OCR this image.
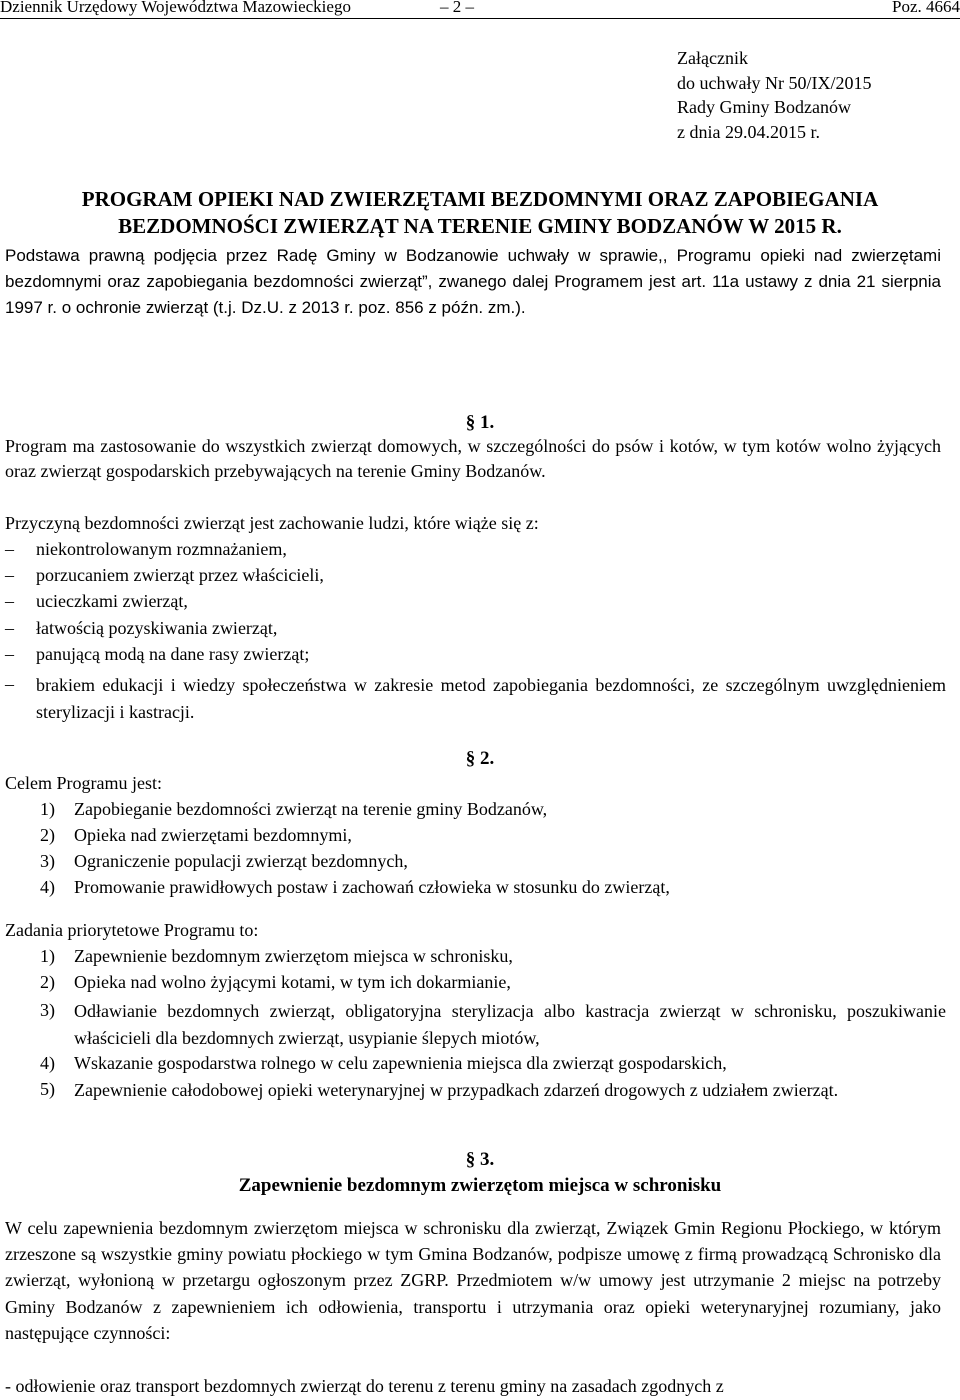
Dziennik Urzędowy Województwa Mazowieckiego	– 2 –	Poz. 4664
Załącznik
do uchwały Nr 50/IX/2015
Rady Gminy Bodzanów
z dnia 29.04.2015 r.
PROGRAM OPIEKI NAD ZWIERZĘTAMI BEZDOMNYMI ORAZ ZAPOBIEGANIA BEZDOMNOŚCI ZWIERZĄT NA TERENIE GMINY BODZANÓW W 2015 R.
Podstawa prawną podjęcia przez Radę Gminy w Bodzanowie uchwały w sprawie,, Programu opieki nad zwierzętami bezdomnymi oraz zapobiegania bezdomności zwierząt”, zwanego dalej Programem jest art. 11a ustawy z dnia 21 sierpnia 1997 r. o ochronie zwierząt (t.j. Dz.U. z 2013 r. poz. 856 z późn. zm.).
§ 1.
Program ma zastosowanie do wszystkich zwierząt domowych, w szczególności do psów i kotów, w tym kotów wolno żyjących oraz zwierząt gospodarskich przebywających na terenie Gminy Bodzanów.
Przyczyną bezdomności zwierząt jest zachowanie ludzi, które wiąże się z:
– niekontrolowanym rozmnażaniem,
– porzucaniem zwierząt przez właścicieli,
– ucieczkami zwierząt,
– łatwością pozyskiwania zwierząt,
– panującą modą na dane rasy zwierząt;
– brakiem edukacji i wiedzy społeczeństwa w zakresie metod zapobiegania bezdomności, ze szczególnym uwzględnieniem sterylizacji i kastracji.
§ 2.
Celem Programu jest:
1) Zapobieganie bezdomności zwierząt na terenie gminy Bodzanów,
2) Opieka nad zwierzętami bezdomnymi,
3) Ograniczenie populacji zwierząt bezdomnych,
4) Promowanie prawidłowych postaw i zachowań człowieka w stosunku do zwierząt,
Zadania priorytetowe Programu to:
1) Zapewnienie bezdomnym zwierzętom miejsca w schronisku,
2) Opieka nad wolno żyjącymi kotami, w tym ich dokarmianie,
3) Odławianie bezdomnych zwierząt, obligatoryjna sterylizacja albo kastracja zwierząt w schronisku, poszukiwanie właścicieli dla bezdomnych zwierząt, usypianie ślepych miotów,
4) Wskazanie gospodarstwa rolnego w celu zapewnienia miejsca dla zwierząt gospodarskich,
5) Zapewnienie całodobowej opieki weterynaryjnej w przypadkach zdarzeń drogowych z udziałem zwierząt.
§ 3.
Zapewnienie bezdomnym zwierzętom miejsca w schronisku
W celu zapewnienia bezdomnym zwierzętom miejsca w schronisku dla zwierząt, Związek Gmin Regionu Płockiego, w którym zrzeszone są wszystkie gminy powiatu płockiego w tym Gmina Bodzanów, podpisze umowę z firmą prowadzącą Schronisko dla zwierząt, wyłonioną w przetargu ogłoszonym przez ZGRP. Przedmiotem w/w umowy jest utrzymanie 2 miejsc na potrzeby Gminy Bodzanów z zapewnieniem ich odłowienia, transportu i utrzymania oraz opieki weterynaryjnej rozumiany, jako następujące czynności:
- odłowienie oraz transport bezdomnych zwierząt do terenu z terenu gminy na zasadach zgodnych z
